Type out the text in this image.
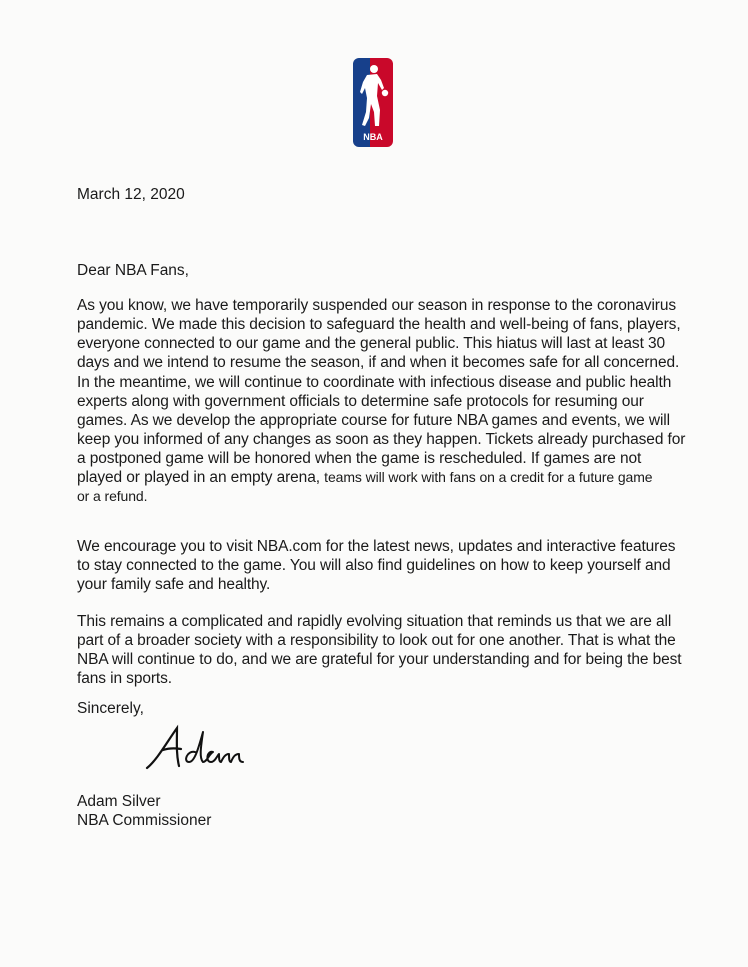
NBA
March 12, 2020
Dear NBA Fans,
As you know, we have temporarily suspended our season in response to the coronavirus
pandemic. We made this decision to safeguard the health and well-being of fans, players,
everyone connected to our game and the general public. This hiatus will last at least 30
days and we intend to resume the season, if and when it becomes safe for all concerned.
In the meantime, we will continue to coordinate with infectious disease and public health
experts along with government officials to determine safe protocols for resuming our
games. As we develop the appropriate course for future NBA games and events, we will
keep you informed of any changes as soon as they happen. Tickets already purchased for
a postponed game will be honored when the game is rescheduled. If games are not
played or played in an empty arena, teams will work with fans on a credit for a future game
or a refund.
We encourage you to visit NBA.com for the latest news, updates and interactive features
to stay connected to the game. You will also find guidelines on how to keep yourself and
your family safe and healthy.
This remains a complicated and rapidly evolving situation that reminds us that we are all
part of a broader society with a responsibility to look out for one another. That is what the
NBA will continue to do, and we are grateful for your understanding and for being the best
fans in sports.
Sincerely,
Adam Silver
NBA Commissioner
